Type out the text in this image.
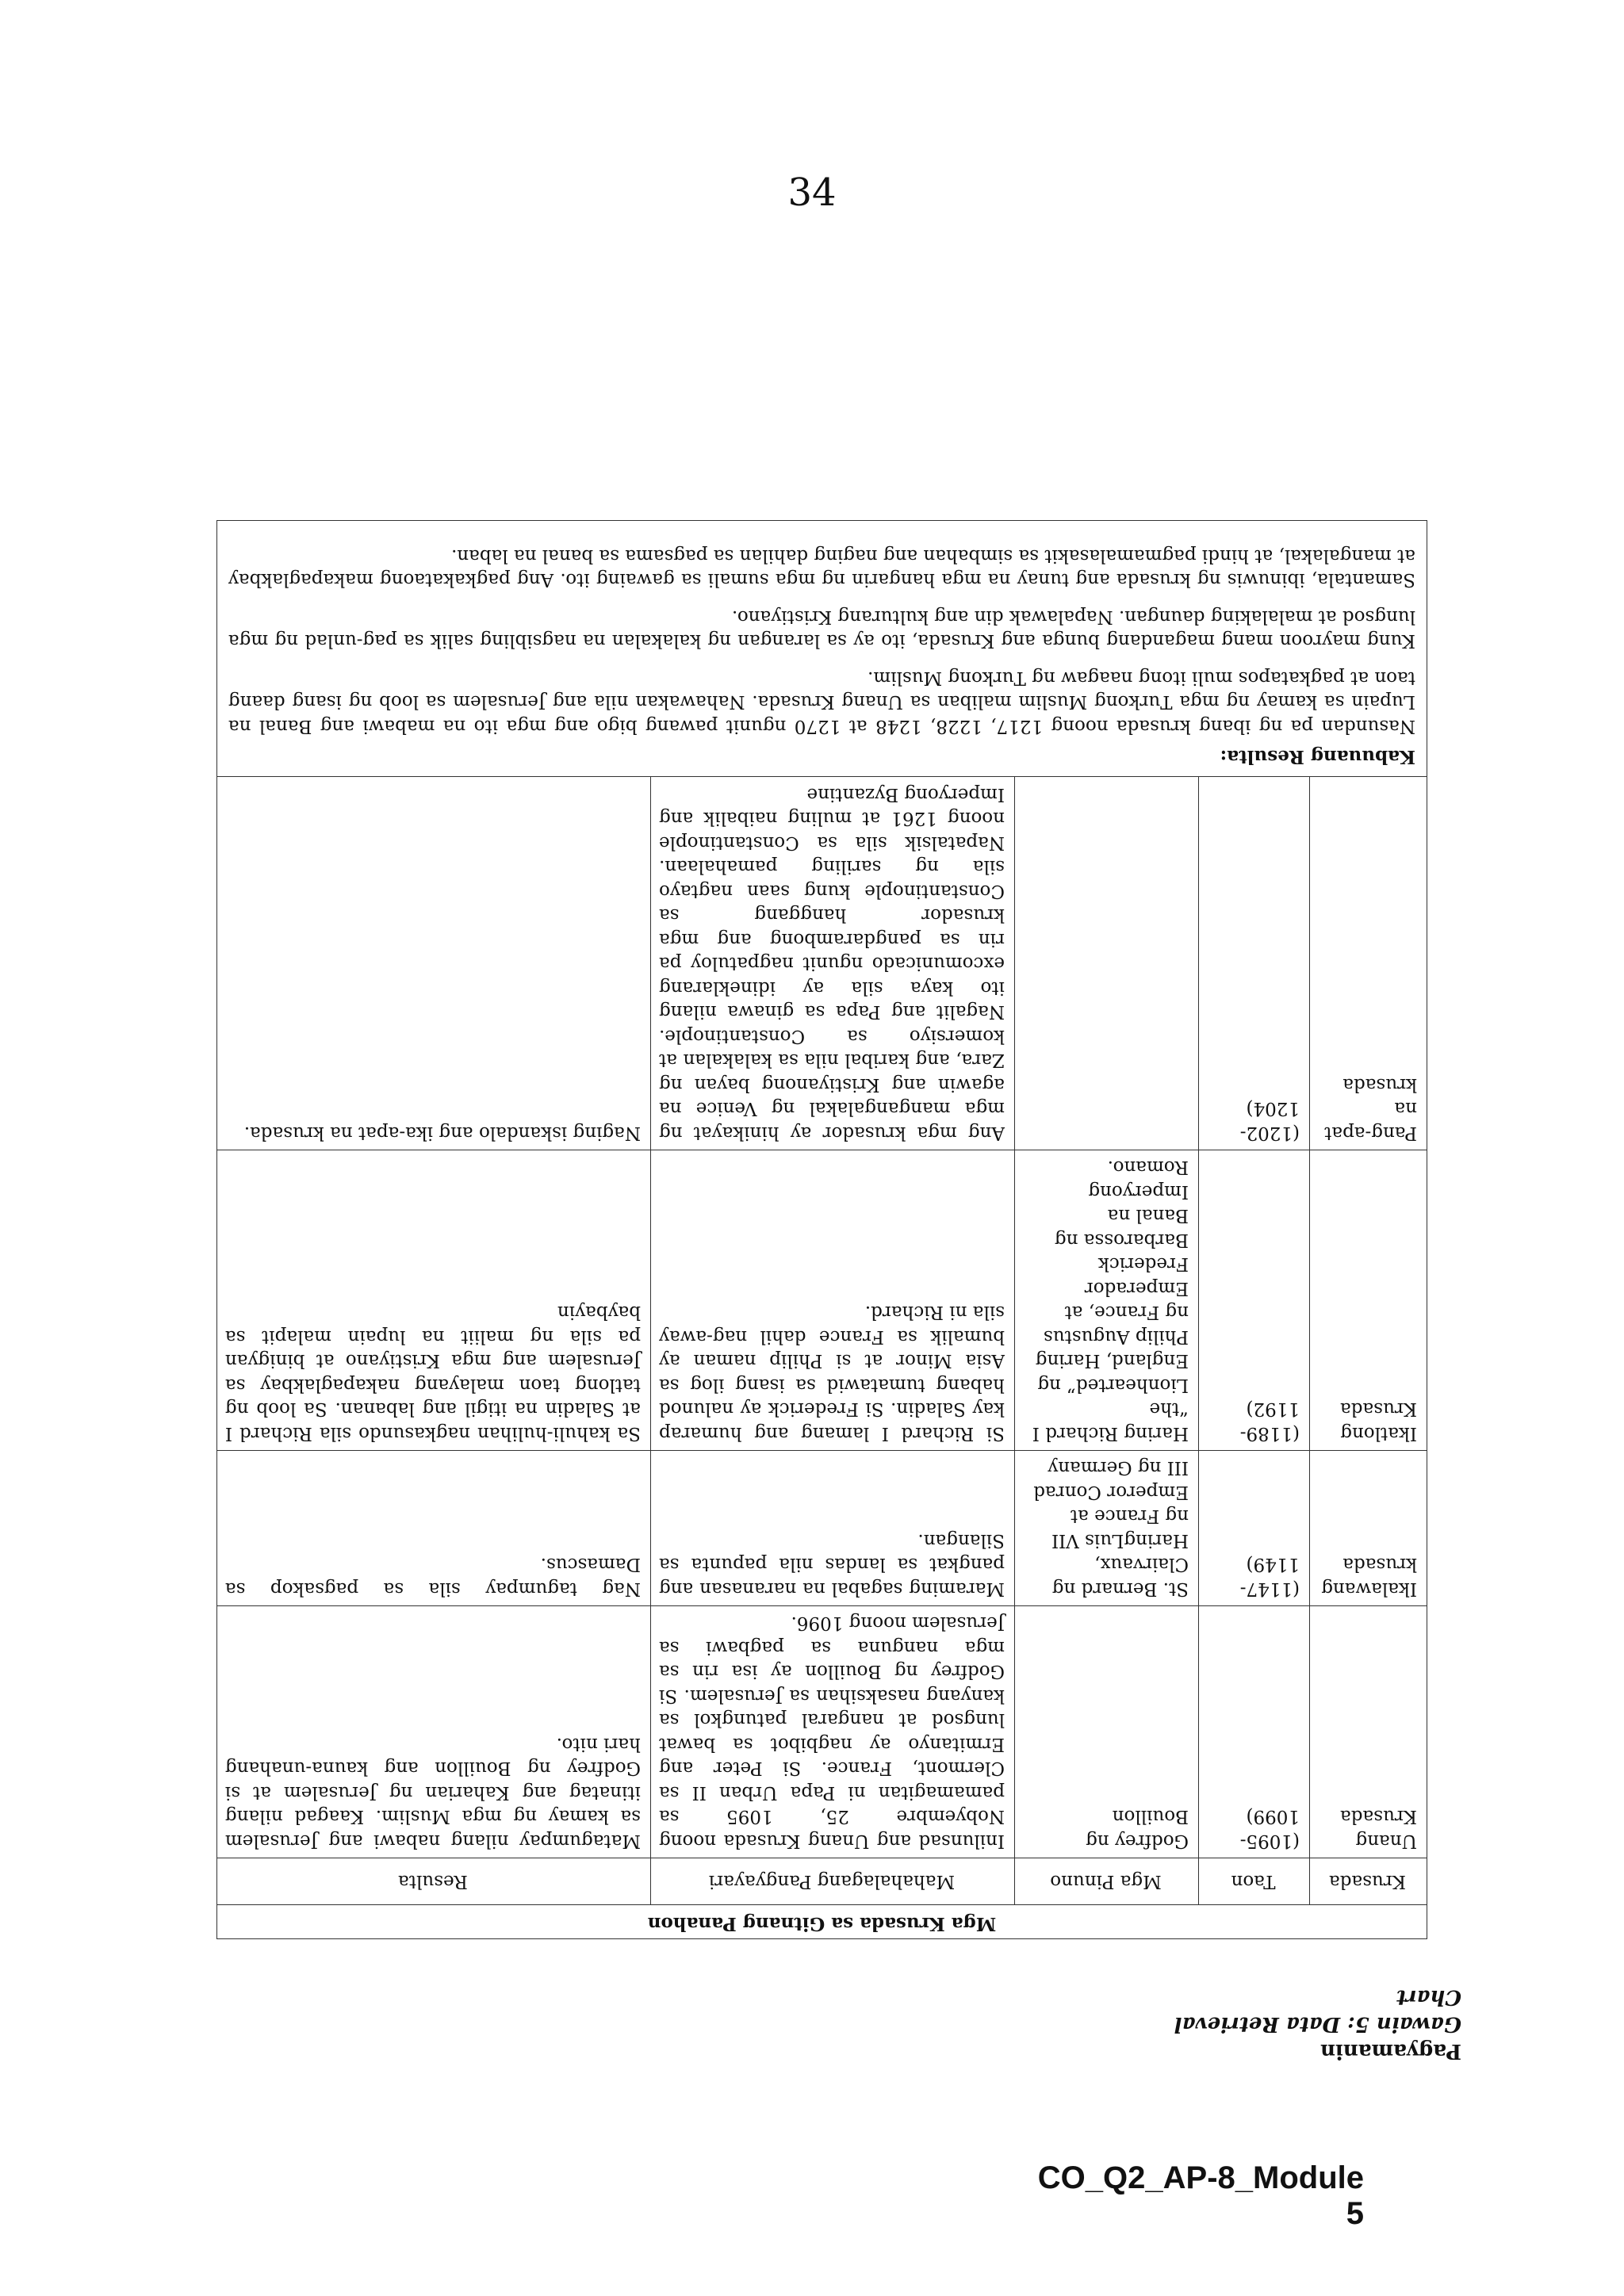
Pagyamanin
Gawain 5: Data Retrieval
Chart
Mga Krusada sa Gitnang Panahon				
Krusada	Taon	Mga Pinuno	Mahahalagang Pangyayari	Resulta
Unang Krusada	(1095-1099)	Godfrey ng Bouillon	Inilunsad ang Unang Krusada noong Nobyembre 25, 1095 sa pamamagitan ni Papa Urban II sa Clermont, France. Si Peter ang Ermitanyo ay nagbibot sa bawat lungsod at nangaral patungkol sa kanyang nasaksihan sa Jerusalem. Si Godfrey ng Bouillon ay isa rin sa mga nanguna sa pagbawi sa Jerusalem noong 1096.	Matagumpay nilang nabawi ang Jerusalem sa kamay ng mga Muslim. Kaagad nilang itinatag ang Kaharian ng Jerusalem at si Godfrey ng Bouillon ang kauna-unahang hari nito.
Ikalawang krusada	(1147-1149)	St. Bernard ng Clairvaux, HaringLuis VII ng France at Emperor Conrad III ng Germany	Maraming sagabal na naranasan ang pangkat sa landas nila papunta sa Silangan.	Nag tagumpay sila sa pagsakop sa Damascus.
Ikatlong Krusada	(1189-1192)	Haring Richard I “the Lionhearted” ng England, Haring Philip Augustus ng France, at Emperador Frederick Barbarossa ng Banal na Imperyong Romano.	Si Richard I lamang ang humarap kay Saladin. Si Frederick ay nalunod habang tumatawid sa isang ilog sa Asia Minor at si Philip naman ay bumalik sa France dahil nag-away sila ni Richard.	Sa kahuli-hulihan nagkasundo sila Richard I at Saladin na itigil ang labanan. Sa loob ng tatlong taon malayang nakapaglakbay sa Jerusalem ang mga Kristiyano at binigyan pa sila ng maliit na lupain malapit sa baybayin
Pang-apat na krusada	(1202-1204)		Ang mga krusador ay hinikayat ng mga mangangalakal ng Venice na agawin ang Kristiyanong bayan ng Zara, ang karibal nila sa kalakalan at komersiyo sa Constantinople. Nagalit ang Papa sa ginawa nilang ito kaya sila ay idineklarang excomunicado ngunit nagpatuloy pa rin sa pangdarambong ang mga krusador hanggang sa Constantinople kung saan nagtayo sila ng sariling pamahalaan. Napatalsik sila sa Constantinople noong 1261 at muling naibalik ang Imperyong Byzantine	Naging iskandalo ang ika-apat na krusada.

Kabuuang Resulta:

Nasundan pa ng ibang krusada noong 1217, 1228, 1248 at 1270 ngunit pawang bigo ang mga ito na mabawi ang Banal na Lupain sa kamay ng mga Turkong Muslim maliban sa Unang Krusada. Nahawakan nila ang Jerusalem sa loob ng isang daang taon at pagkatapos muli itong naagaw ng Turkong Muslim.

Kung mayroon mang magandang bunga ang Krusada, ito ay sa larangan ng kalakalan na nagsibling salik sa pag-unlad ng mga lungsod at malalaking daungan. Napalawak din ang kulturang Kristiyano.

Samantala, ibinuwis ng krusada ang tunay na mga hangarin ng mga sumali sa gawaing ito. Ang pagkakataong makapaglakbay at mangalakal, at hindi pagmamalasakit sa simbahan ang naging dahilan sa pagsama sa banal na laban.				

34
CO_Q2_AP-8_Module 5
